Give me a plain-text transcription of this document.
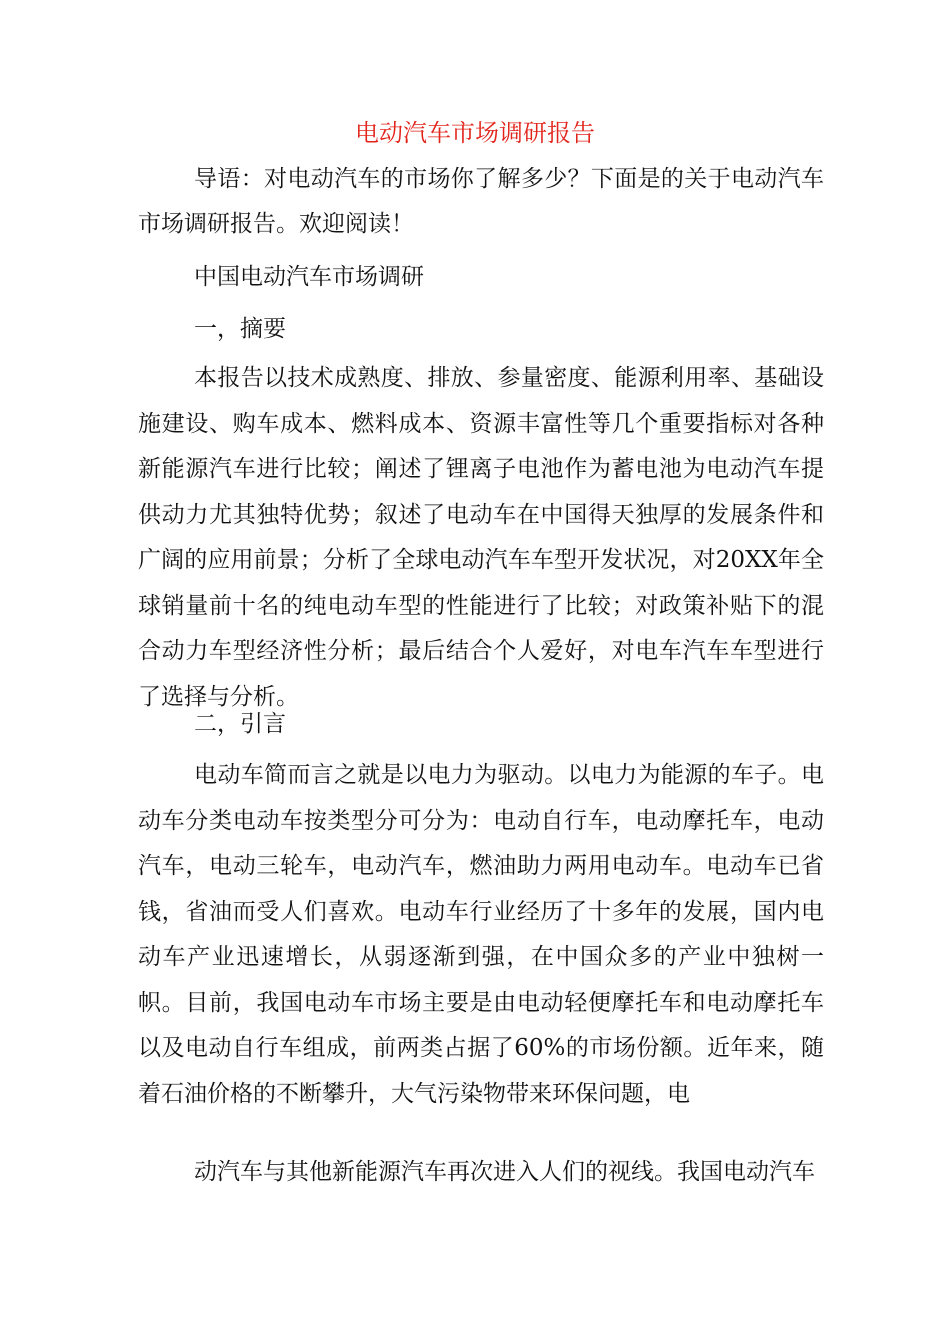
电动汽车市场调研报告

导语：对电动汽车的市场你了解多少？下面是的关于电动汽车市场调研报告。欢迎阅读！

中国电动汽车市场调研

一，摘要

本报告以技术成熟度、排放、参量密度、能源利用率、基础设施建设、购车成本、燃料成本、资源丰富性等几个重要指标对各种新能源汽车进行比较；阐述了锂离子电池作为蓄电池为电动汽车提供动力尤其独特优势；叙述了电动车在中国得天独厚的发展条件和广阔的应用前景；分析了全球电动汽车车型开发状况，对20XX年全球销量前十名的纯电动车型的性能进行了比较；对政策补贴下的混合动力车型经济性分析；最后结合个人爱好，对电车汽车车型进行了选择与分析。

二，引言

电动车简而言之就是以电力为驱动。以电力为能源的车子。电动车分类电动车按类型分可分为：电动自行车，电动摩托车，电动汽车，电动三轮车，电动汽车，燃油助力两用电动车。电动车已省钱，省油而受人们喜欢。电动车行业经历了十多年的发展，国内电动车产业迅速增长，从弱逐渐到强，在中国众多的产业中独树一帜。目前，我国电动车市场主要是由电动轻便摩托车和电动摩托车以及电动自行车组成，前两类占据了60%的市场份额。近年来，随着石油价格的不断攀升，大气污染物带来环保问题，电

动汽车与其他新能源汽车再次进入人们的视线。我国电动汽车
